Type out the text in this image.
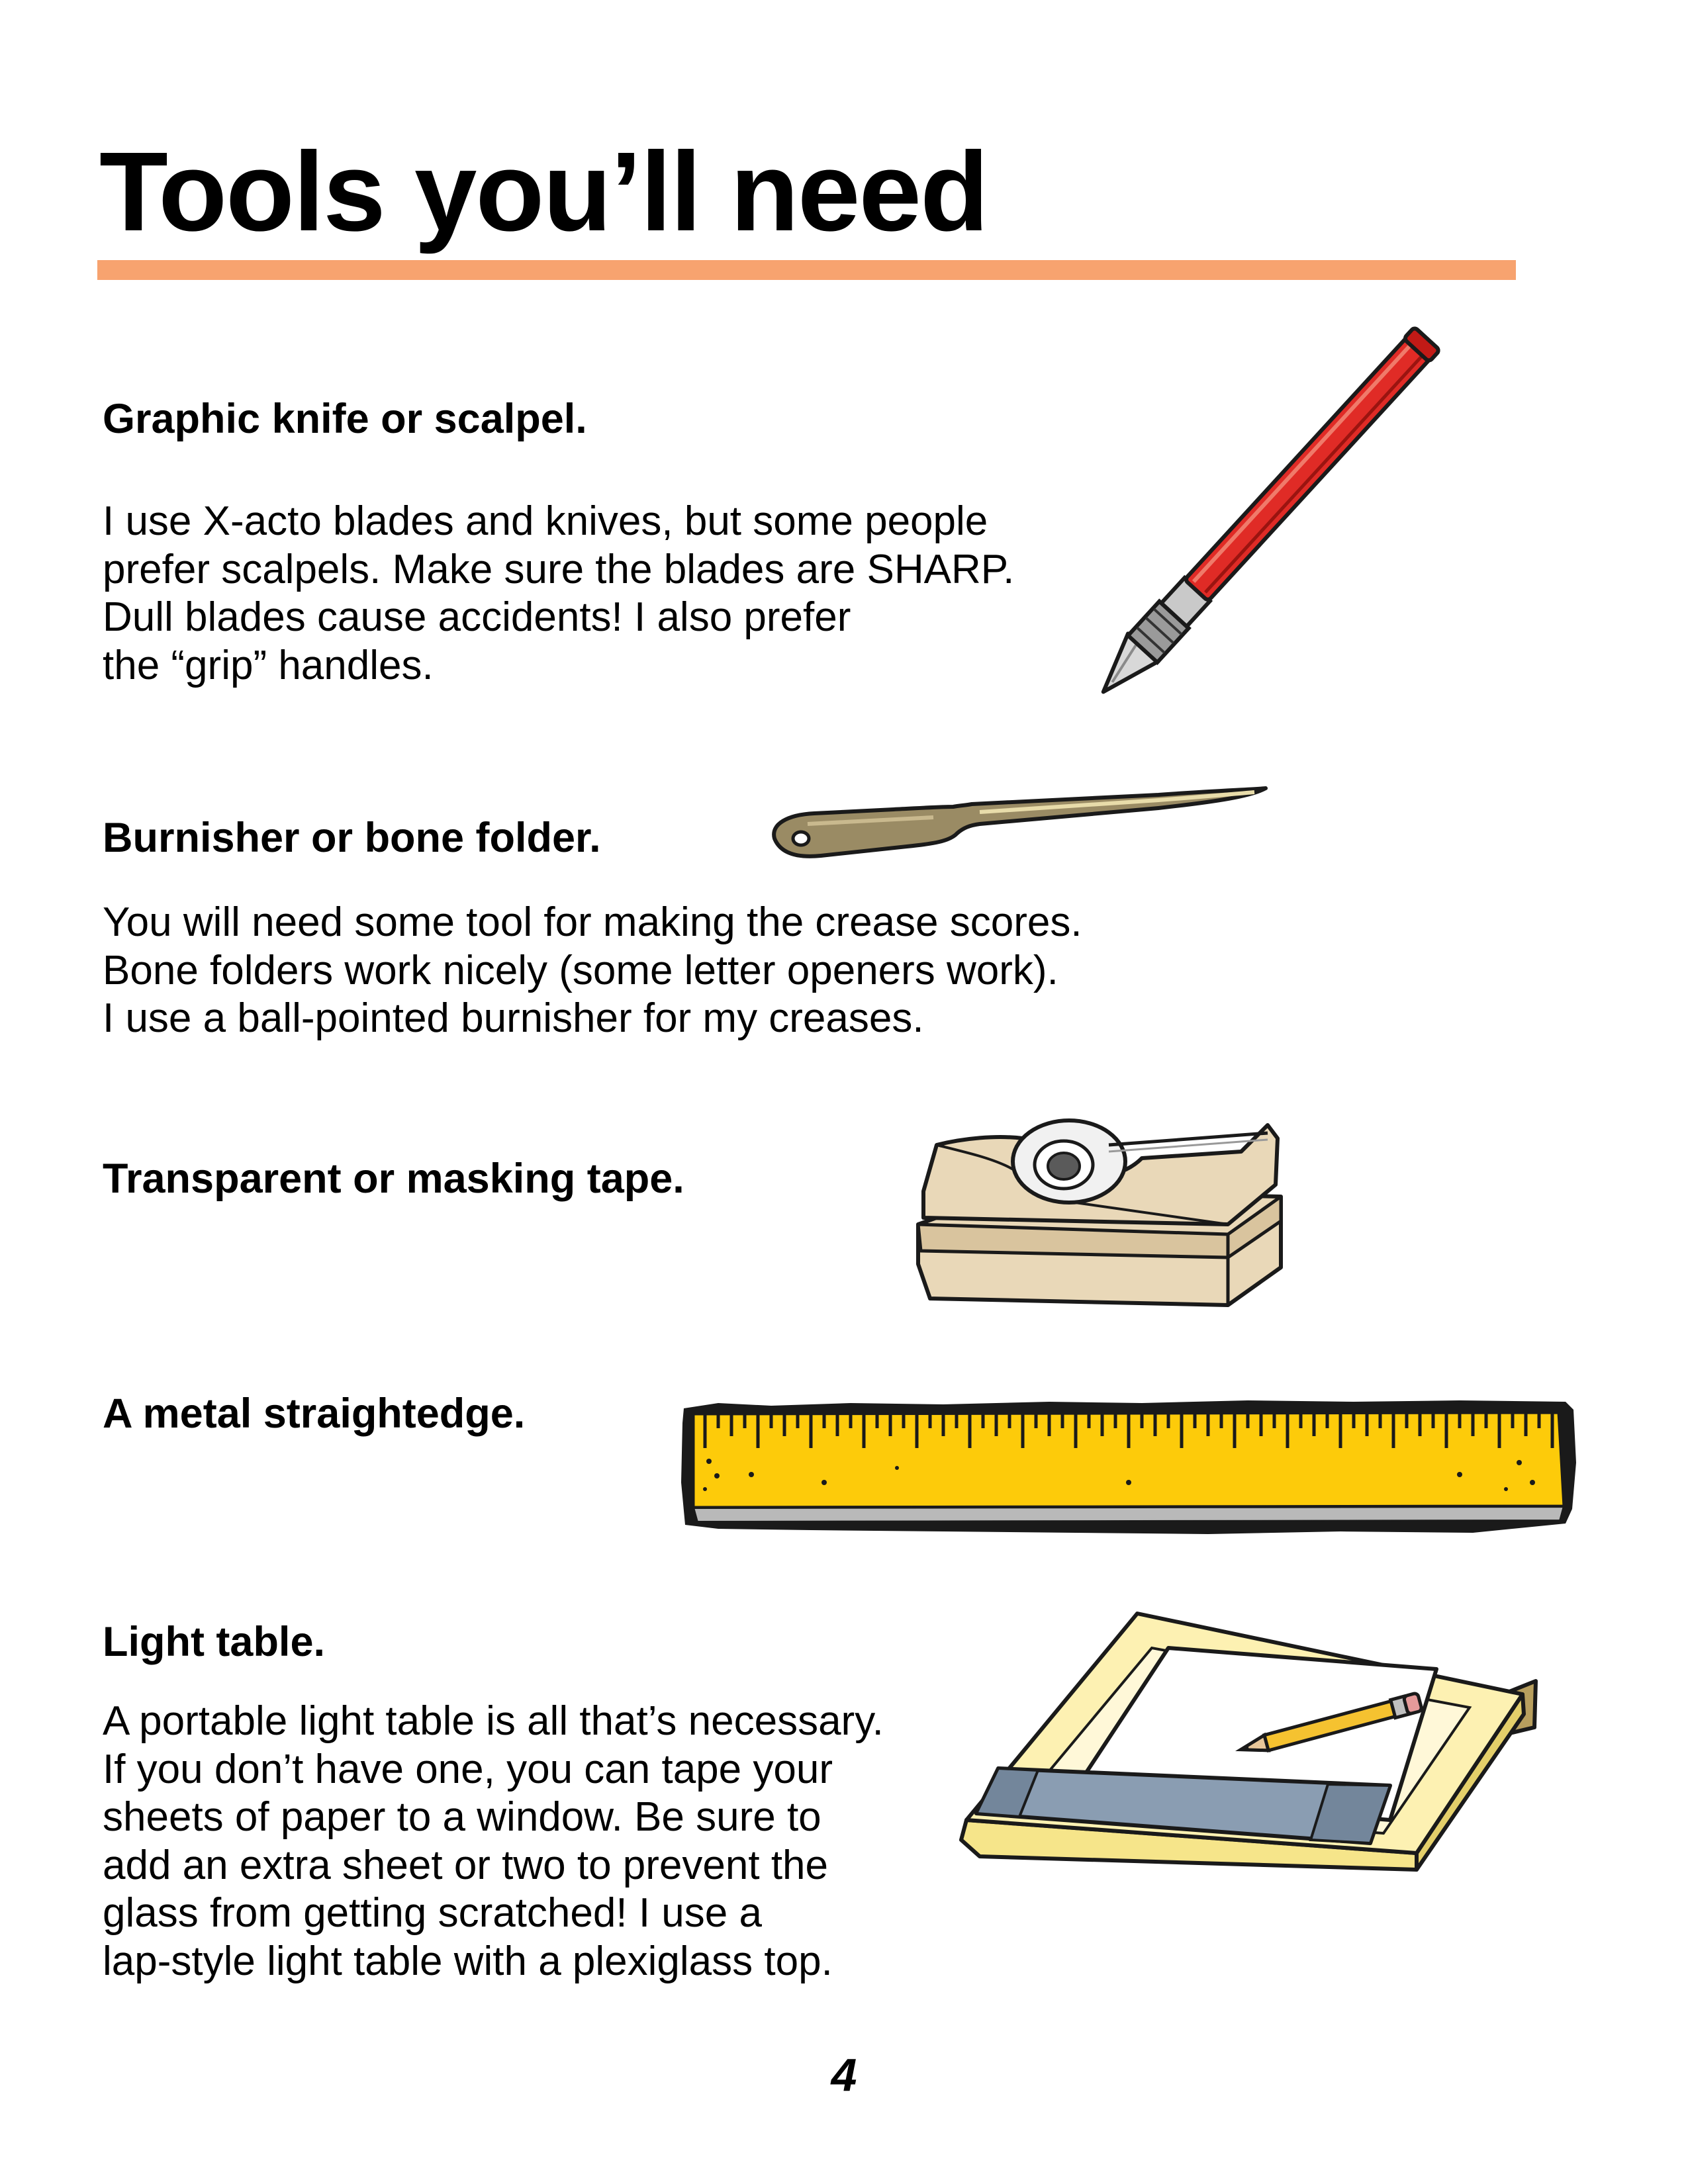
Tools you’ll need
Graphic knife or scalpel.

I use X-acto blades and knives, but some people
prefer scalpels. Make sure the blades are SHARP.
Dull blades cause accidents! I also prefer
the “grip” handles.

Burnisher or bone folder.

You will need some tool for making the crease scores.
Bone folders work nicely (some letter openers work).
I use a ball-pointed burnisher for my creases.

Transparent or masking tape.
A metal straightedge.
Light table.

A portable light table is all that’s necessary.
If you don’t have one, you can tape your
sheets of paper to a window. Be sure to
add an extra sheet or two to prevent the
glass from getting scratched! I use a
lap-style light table with a plexiglass top.

4
